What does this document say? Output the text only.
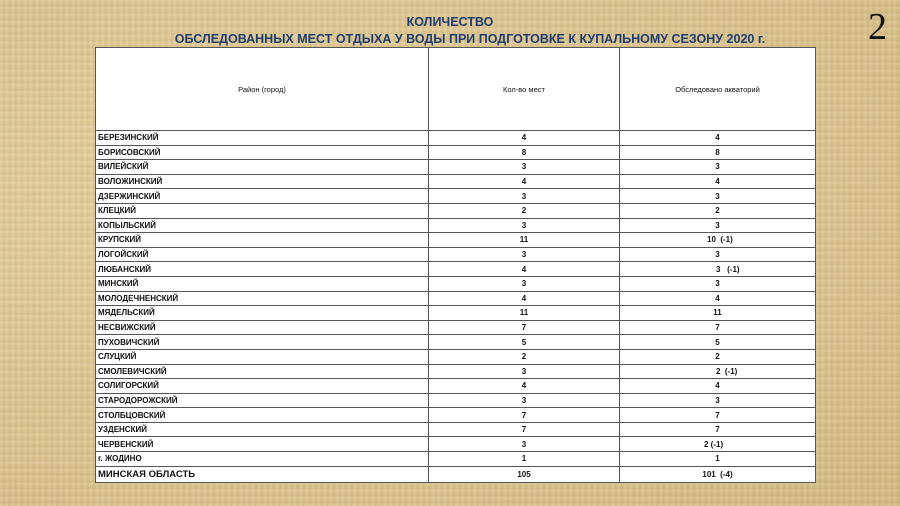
КОЛИЧЕСТВО
ОБСЛЕДОВАННЫХ МЕСТ ОТДЫХА У ВОДЫ ПРИ ПОДГОТОВКЕ К КУПАЛЬНОМУ СЕЗОНУ 2020 г.	2
Район (город)	Кол-во мест	Обследовано акваторий
БЕРЕЗИНСКИЙ	4	4
БОРИСОВСКИЙ	8	8
ВИЛЕЙСКИЙ	3	3
ВОЛОЖИНСКИЙ	4	4
ДЗЕРЖИНСКИЙ	3	3
КЛЕЦКИЙ	2	2
КОПЫЛЬСКИЙ	3	3
КРУПСКИЙ	11	10  (-1)
ЛОГОЙСКИЙ	3	3
ЛЮБАНСКИЙ	4	3   (-1)
МИНСКИЙ	3	3
МОЛОДЕЧНЕНСКИЙ	4	4
МЯДЕЛЬСКИЙ	11	11
НЕСВИЖСКИЙ	7	7
ПУХОВИЧСКИЙ	5	5
СЛУЦКИЙ	2	2
СМОЛЕВИЧСКИЙ	3	2  (-1)
СОЛИГОРСКИЙ	4	4
СТАРОДОРОЖСКИЙ	3	3
СТОЛБЦОВСКИЙ	7	7
УЗДЕНСКИЙ	7	7
ЧЕРВЕНСКИЙ	3	2 (-1)
г. ЖОДИНО	1	1
МИНСКАЯ ОБЛАСТЬ	105	101  (-4)
